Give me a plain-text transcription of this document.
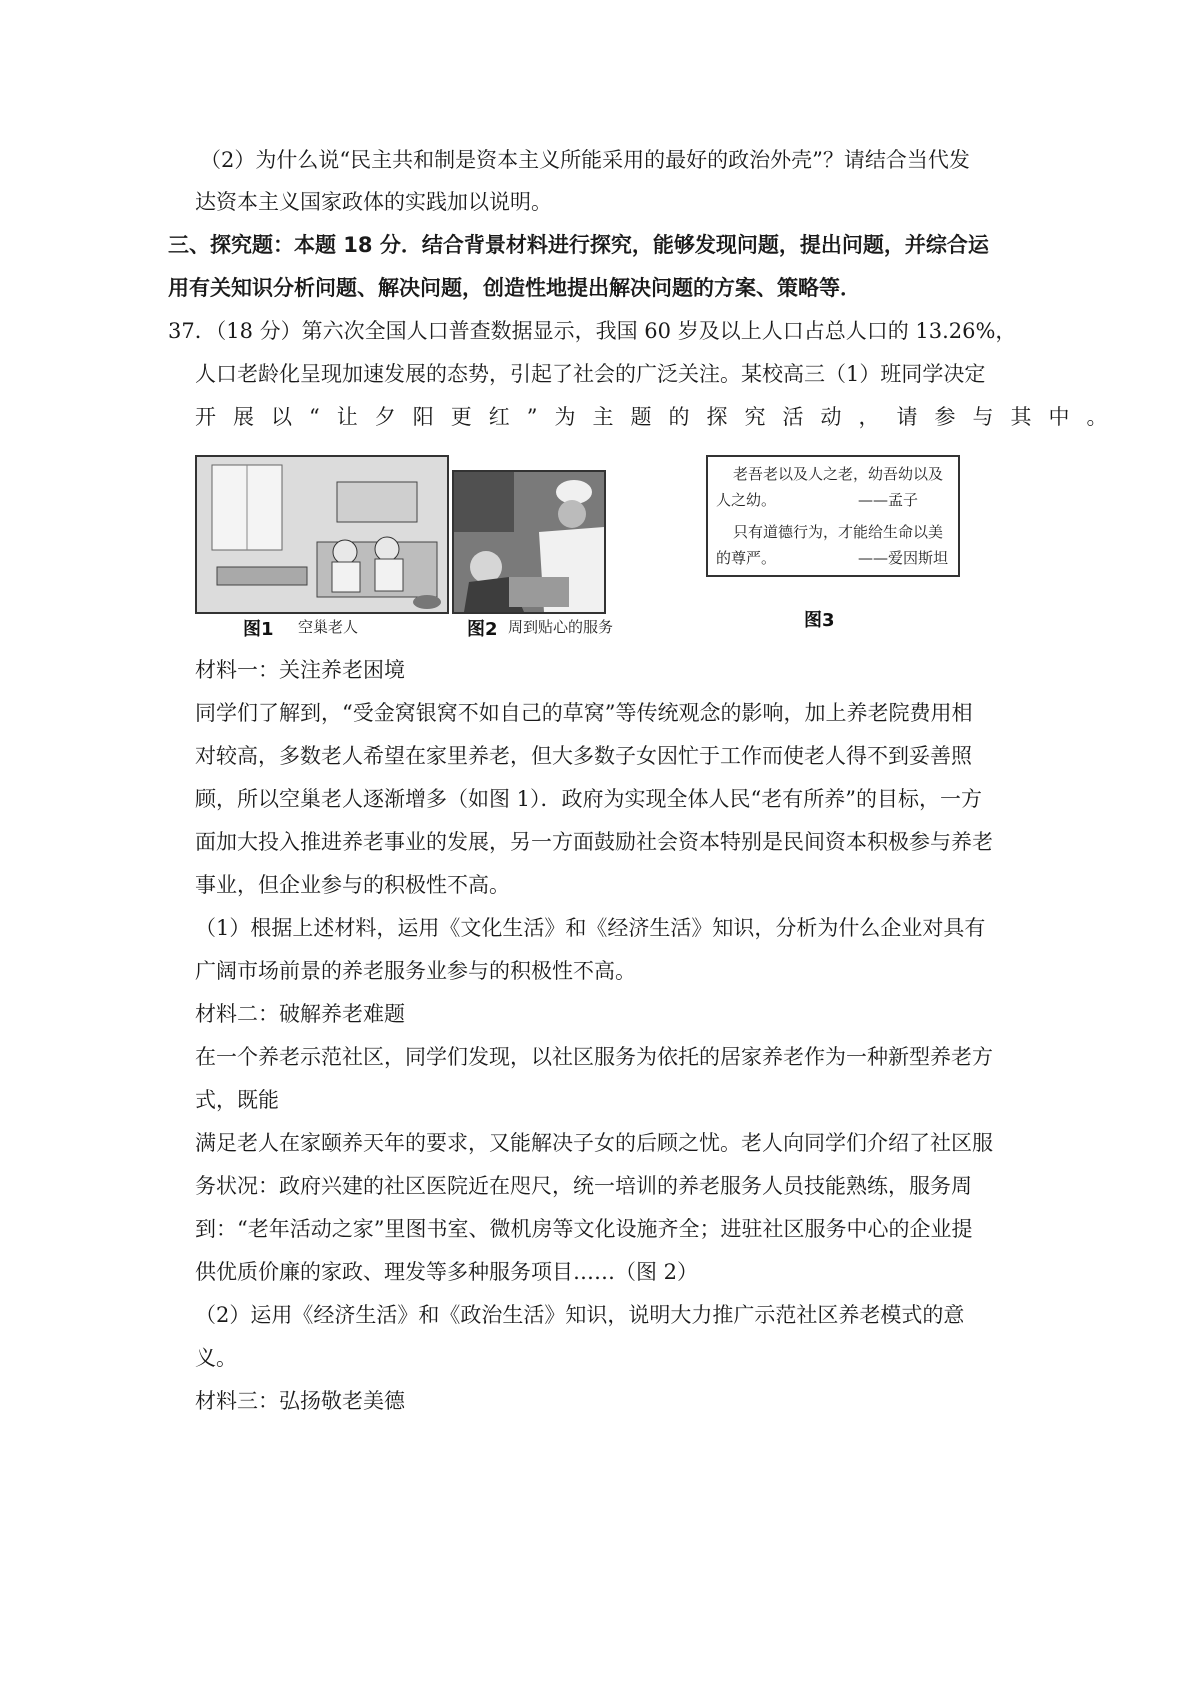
（2）为什么说“民主共和制是资本主义所能采用的最好的政治外壳”？请结合当代发
达资本主义国家政体的实践加以说明。
三、探究题：本题 18 分．结合背景材料进行探究，能够发现问题，提出问题，并综合运
用有关知识分析问题、解决问题，创造性地提出解决问题的方案、策略等．
37．（18 分）第六次全国人口普查数据显示，我国 60 岁及以上人口占总人口的 13.26%，
人口老龄化呈现加速发展的态势，引起了社会的广泛关注。某校高三（1）班同学决定
开展以“让夕阳更红”为主题的探究活动，请参与其中。
图1 空巢老人	图2 周到贴心的服务
老吾老以及人之老，幼吾幼以及
人之幼。	——孟子
只有道德行为，才能给生命以美
的尊严。	——爱因斯坦
图3
材料一：关注养老困境
同学们了解到，“受金窝银窝不如自己的草窝”等传统观念的影响，加上养老院费用相
对较高，多数老人希望在家里养老，但大多数子女因忙于工作而使老人得不到妥善照
顾，所以空巢老人逐渐增多（如图 1）．政府为实现全体人民“老有所养”的目标，一方
面加大投入推进养老事业的发展，另一方面鼓励社会资本特别是民间资本积极参与养老
事业，但企业参与的积极性不高。
（1）根据上述材料，运用《文化生活》和《经济生活》知识，分析为什么企业对具有
广阔市场前景的养老服务业参与的积极性不高。
材料二：破解养老难题
在一个养老示范社区，同学们发现，以社区服务为依托的居家养老作为一种新型养老方
式，既能
满足老人在家颐养天年的要求，又能解决子女的后顾之忧。老人向同学们介绍了社区服
务状况：政府兴建的社区医院近在咫尺，统一培训的养老服务人员技能熟练，服务周
到：“老年活动之家”里图书室、微机房等文化设施齐全；进驻社区服务中心的企业提
供优质价廉的家政、理发等多种服务项目……（图 2）
（2）运用《经济生活》和《政治生活》知识，说明大力推广示范社区养老模式的意
义。
材料三：弘扬敬老美德
